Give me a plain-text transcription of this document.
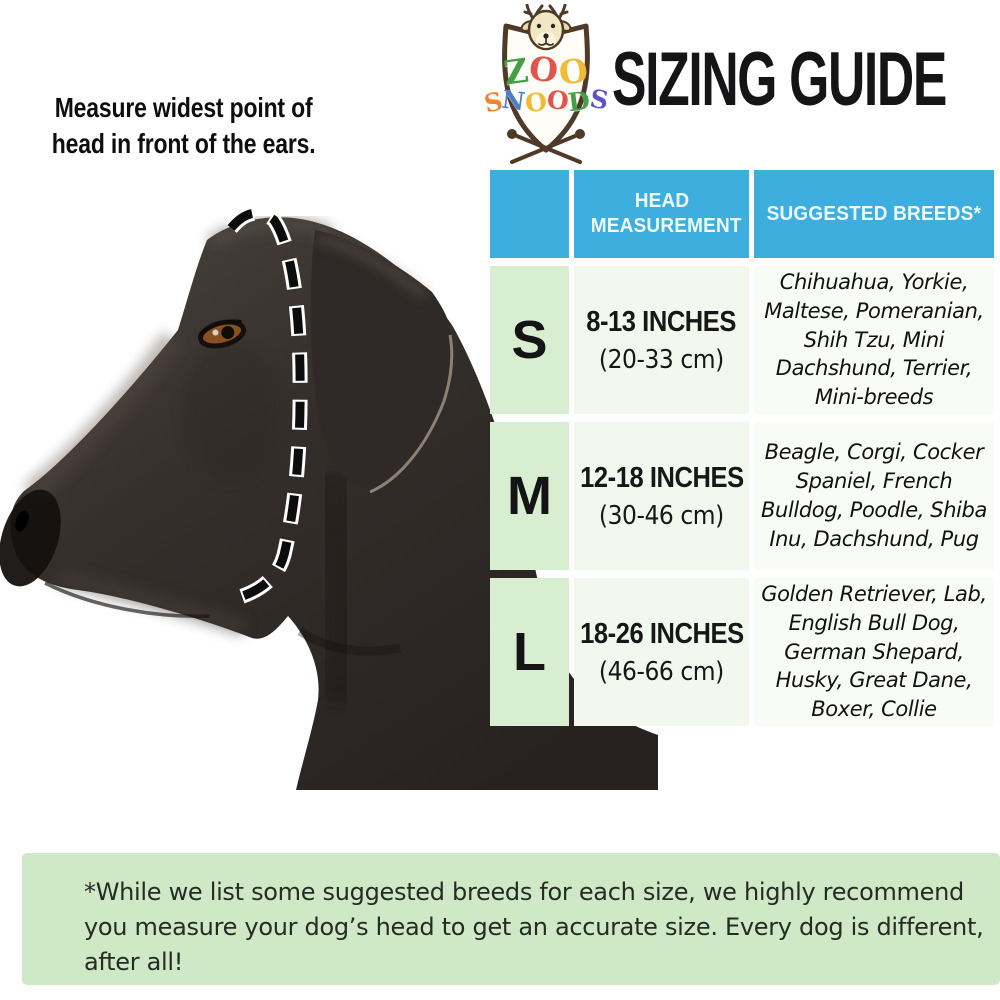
Measure widest point of head in front of the ears.
ZOO
SNOODS SIZING GUIDE
HEAD MEASUREMENT
SUGGESTED BREEDS*
S	8-13 INCHES
(20-33 cm)
Chihuahua, Yorkie, Maltese, Pomeranian, Shih Tzu, Mini Dachshund, Terrier, Mini-breeds
M 12-18 INCHES
(30-46 cm)
Beagle, Corgi, Cocker Spaniel, French Bulldog, Poodle, Shiba Inu, Dachshund, Pug
L	18-26 INCHES
(46-66 cm)
Golden Retriever, Lab, English Bull Dog, German Shepard, Husky, Great Dane, Boxer, Collie
*While we list some suggested breeds for each size, we highly recommend you measure your dog’s head to get an accurate size. Every dog is different, after all!
